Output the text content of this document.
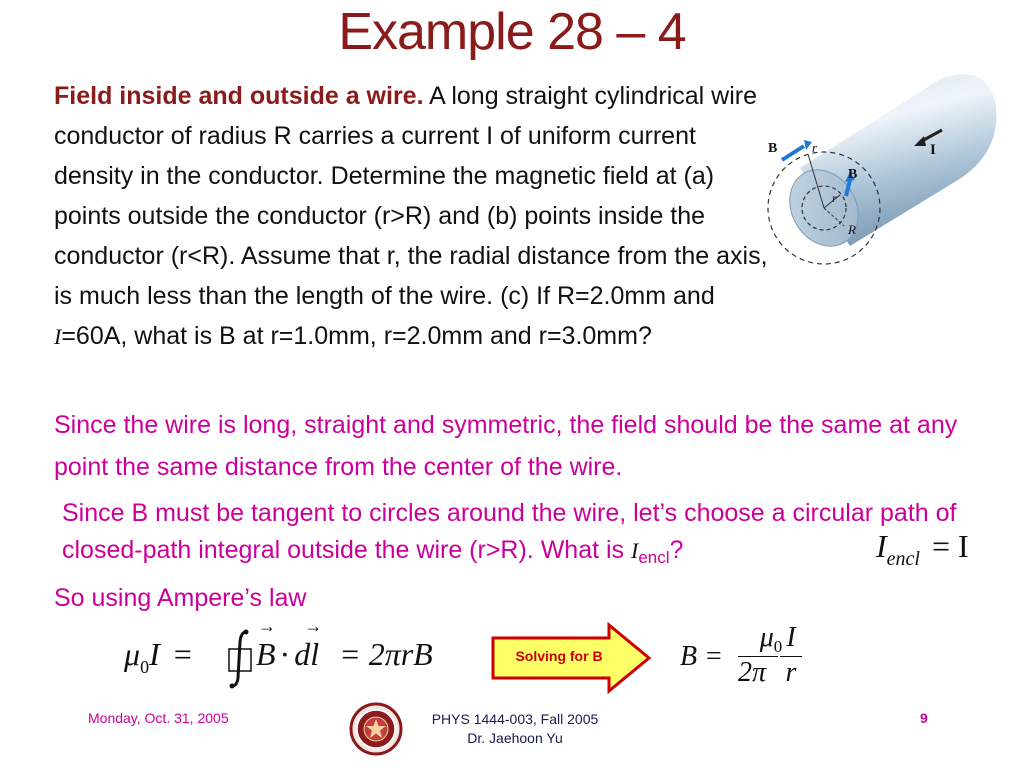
Example 28 – 4
Field inside and outside a wire. A long straight cylindrical wire conductor of radius R carries a current I of uniform current density in the conductor. Determine the magnetic field at (a) points outside the conductor (r>R) and (b) points inside the conductor (r<R). Assume that r, the radial distance from the axis, is much less than the length of the wire. (c) If R=2.0mm and I=60A, what is B at r=1.0mm, r=2.0mm and r=3.0mm?
B	r
B
r
R
I
Since the wire is long, straight and symmetric, the field should be the same at any point the same distance from the center of the wire.
Since B must be tangent to circles around the wire, let’s choose a circular path of closed-path integral outside the wire (r>R). What is $I_{encl}$?	$I_{encl} = I$
So using Ampere’s law
$\mu_0I$ =
→
B ·
→
dl = 2πrB	Solving for B	B =
$\mu_0$
2π
I
r
Monday, Oct. 31, 2005	PHYS 1444-003, Fall 2005
Dr. Jaehoon Yu
9
